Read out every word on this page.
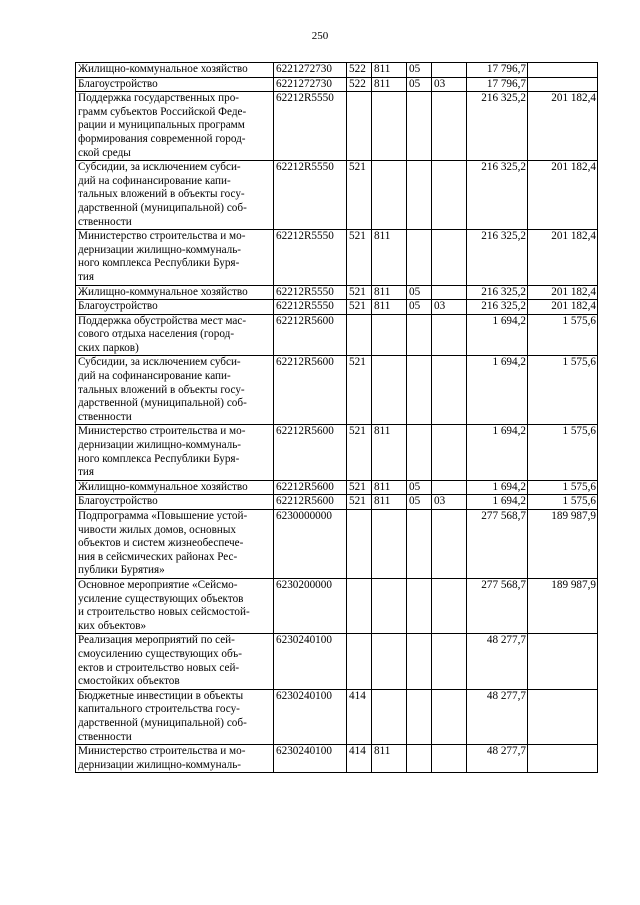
250
Жилищно-коммунальное хозяйство	6221272730	522	811	05		17 796,7	

Благоустройство	6221272730	522	811	05	03	17 796,7	

Поддержка государственных про-
грамм субъектов Российской Феде-
рации и муниципальных программ
формирования современной город-
ской среды	62212R5550					216 325,2	201 182,4

Субсидии, за исключением субси-
дий на софинансирование капи-
тальных вложений в объекты госу-
дарственной (муниципальной) соб-
ственности	62212R5550	521				216 325,2	201 182,4

Министерство строительства и мо-
дернизации жилищно-коммуналь-
ного комплекса Республики Буря-
тия	62212R5550	521	811			216 325,2	201 182,4

Жилищно-коммунальное хозяйство	62212R5550	521	811	05		216 325,2	201 182,4

Благоустройство	62212R5550	521	811	05	03	216 325,2	201 182,4

Поддержка обустройства мест мас-
сового отдыха населения (город-
ских парков)	62212R5600					1 694,2	1 575,6

Субсидии, за исключением субси-
дий на софинансирование капи-
тальных вложений в объекты госу-
дарственной (муниципальной) соб-
ственности	62212R5600	521				1 694,2	1 575,6

Министерство строительства и мо-
дернизации жилищно-коммуналь-
ного комплекса Республики Буря-
тия	62212R5600	521	811			1 694,2	1 575,6

Жилищно-коммунальное хозяйство	62212R5600	521	811	05		1 694,2	1 575,6

Благоустройство	62212R5600	521	811	05	03	1 694,2	1 575,6

Подпрограмма «Повышение устой-
чивости жилых домов, основных
объектов и систем жизнеобеспече-
ния в сейсмических районах Рес-
публики Бурятия»	6230000000					277 568,7	189 987,9

Основное мероприятие «Сейсмо-
усиление существующих объектов
и строительство новых сейсмостой-
ких объектов»	6230200000					277 568,7	189 987,9

Реализация мероприятий по сей-
смоусилению существующих объ-
ектов и строительство новых сей-
смостойких объектов	6230240100					48 277,7	

Бюджетные инвестиции в объекты
капитального строительства госу-
дарственной (муниципальной) соб-
ственности	6230240100	414				48 277,7	

Министерство строительства и мо-
дернизации жилищно-коммуналь-	6230240100	414	811			48 277,7	
